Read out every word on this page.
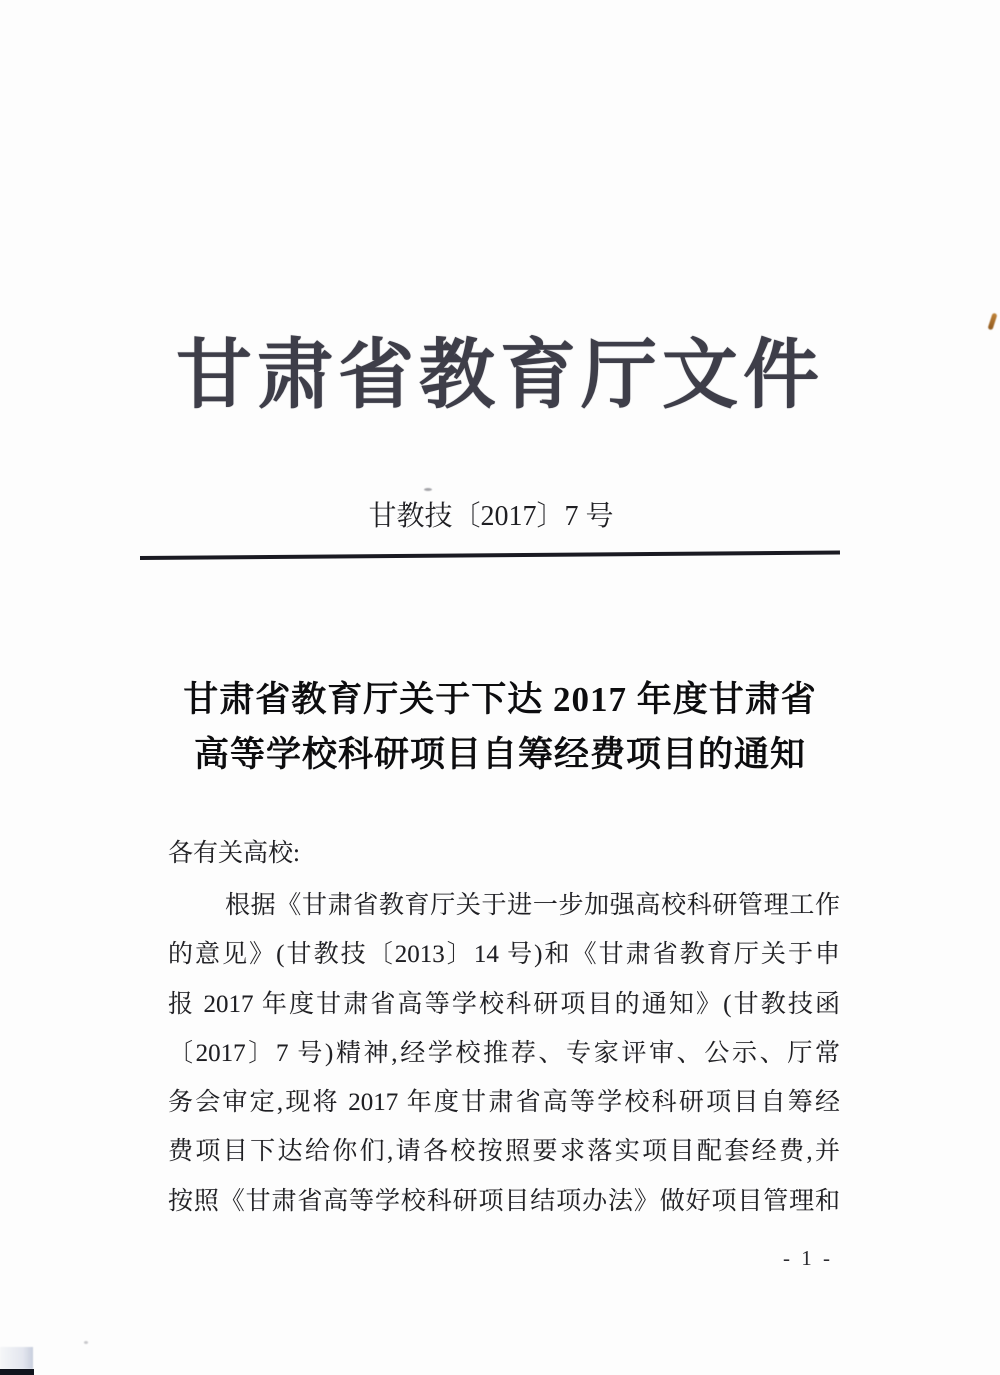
甘肃省教育厅文件
甘教技〔2017〕7 号
甘肃省教育厅关于下达 2017 年度甘肃省
高等学校科研项目自筹经费项目的通知
各有关高校:
根据《甘肃省教育厅关于进一步加强高校科研管理工作
的意见》(甘教技〔2013〕14 号)和《甘肃省教育厅关于申
报 2017 年度甘肃省高等学校科研项目的通知》(甘教技函
〔2017〕7 号)精神,经学校推荐、专家评审、公示、厅常
务会审定,现将 2017 年度甘肃省高等学校科研项目自筹经
费项目下达给你们,请各校按照要求落实项目配套经费,并
按照《甘肃省高等学校科研项目结项办法》做好项目管理和
- 1 -
